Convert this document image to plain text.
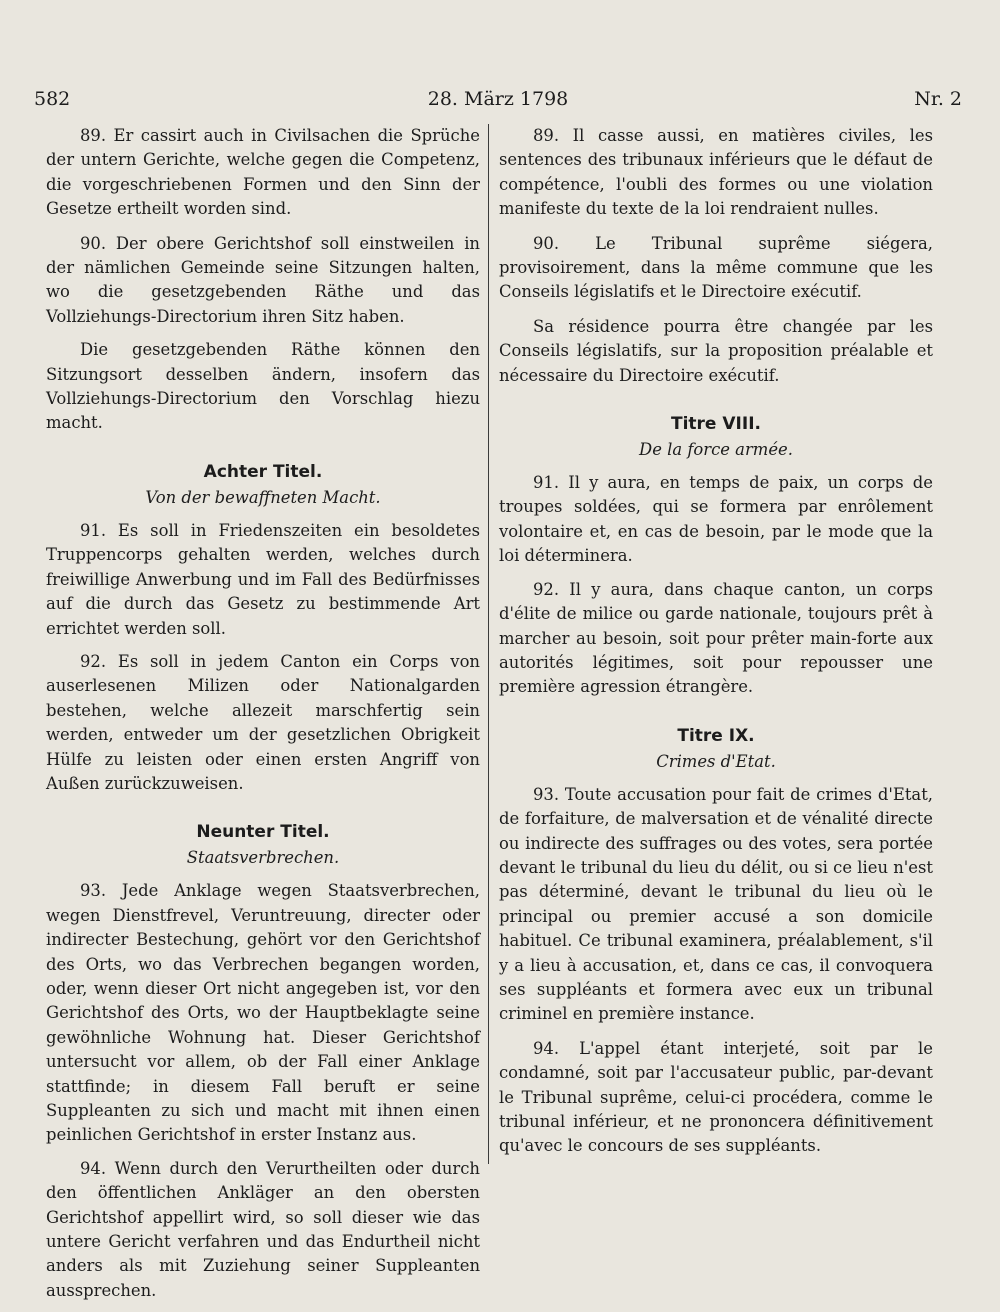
582	28. März 1798	Nr. 2

89. Er cassirt auch in Civilsachen die Sprüche der untern Gerichte, welche gegen die Competenz, die vorgeschriebenen Formen und den Sinn der Gesetze ertheilt worden sind.

90. Der obere Gerichtshof soll einstweilen in der nämlichen Gemeinde seine Sitzungen halten, wo die gesetzgebenden Räthe und das Vollziehungs-Directorium ihren Sitz haben.

Die gesetzgebenden Räthe können den Sitzungsort desselben ändern, insofern das Vollziehungs-Directorium den Vorschlag hiezu macht.

Achter Titel.
Von der bewaffneten Macht.

91. Es soll in Friedenszeiten ein besoldetes Truppencorps gehalten werden, welches durch freiwillige Anwerbung und im Fall des Bedürfnisses auf die durch das Gesetz zu bestimmende Art errichtet werden soll.

92. Es soll in jedem Canton ein Corps von auserlesenen Milizen oder Nationalgarden bestehen, welche allezeit marschfertig sein werden, entweder um der gesetzlichen Obrigkeit Hülfe zu leisten oder einen ersten Angriff von Außen zurückzuweisen.

Neunter Titel.
Staatsverbrechen.

93. Jede Anklage wegen Staatsverbrechen, wegen Dienstfrevel, Veruntreuung, directer oder indirecter Bestechung, gehört vor den Gerichtshof des Orts, wo das Verbrechen begangen worden, oder, wenn dieser Ort nicht angegeben ist, vor den Gerichtshof des Orts, wo der Hauptbeklagte seine gewöhnliche Wohnung hat. Dieser Gerichtshof untersucht vor allem, ob der Fall einer Anklage stattfinde; in diesem Fall beruft er seine Suppleanten zu sich und macht mit ihnen einen peinlichen Gerichtshof in erster Instanz aus.

94. Wenn durch den Verurtheilten oder durch den öffentlichen Ankläger an den obersten Gerichtshof appellirt wird, so soll dieser wie das untere Gericht verfahren und das Endurtheil nicht anders als mit Zuziehung seiner Suppleanten aussprechen.

89. Il casse aussi, en matières civiles, les sentences des tribunaux inférieurs que le défaut de compétence, l'oubli des formes ou une violation manifeste du texte de la loi rendraient nulles.

90. Le Tribunal suprême siégera, provisoirement, dans la même commune que les Conseils législatifs et le Directoire exécutif.

Sa résidence pourra être changée par les Conseils législatifs, sur la proposition préalable et nécessaire du Directoire exécutif.

Titre VIII.
De la force armée.

91. Il y aura, en temps de paix, un corps de troupes soldées, qui se formera par enrôlement volontaire et, en cas de besoin, par le mode que la loi déterminera.

92. Il y aura, dans chaque canton, un corps d'élite de milice ou garde nationale, toujours prêt à marcher au besoin, soit pour prêter main-forte aux autorités légitimes, soit pour repousser une première agression étrangère.

Titre IX.
Crimes d'Etat.

93. Toute accusation pour fait de crimes d'Etat, de forfaiture, de malversation et de vénalité directe ou indirecte des suffrages ou des votes, sera portée devant le tribunal du lieu du délit, ou si ce lieu n'est pas déterminé, devant le tribunal du lieu où le principal ou premier accusé a son domicile habituel. Ce tribunal examinera, préalablement, s'il y a lieu à accusation, et, dans ce cas, il convoquera ses suppléants et formera avec eux un tribunal criminel en première instance.

94. L'appel étant interjeté, soit par le condamné, soit par l'accusateur public, par-devant le Tribunal suprême, celui-ci procédera, comme le tribunal inférieur, et ne prononcera définitivement qu'avec le concours de ses suppléants.
